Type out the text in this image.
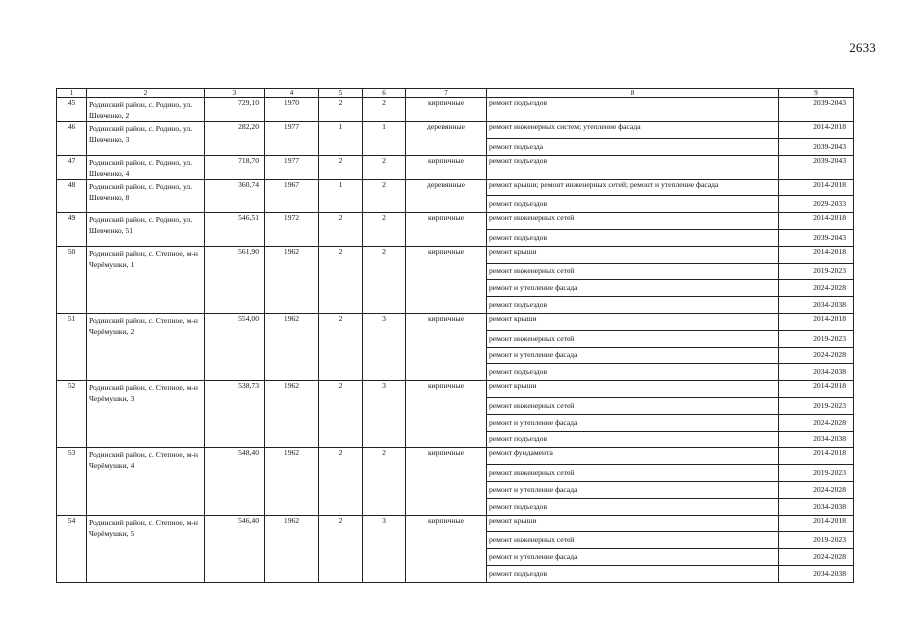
2633
1	2	3	4	5	6	7	8	9
45	Родинский район, с. Родино, ул. Шевченко, 2	729,10	1970	2	2	кирпичные	ремонт подъездов	2039-2043
46	Родинский район, с. Родино, ул. Шевченко, 3	282,20	1977	1	1	деревянные	ремонт инженерных систем; утепление фасада	2014-2018
							ремонт подъезда	2039-2043
47	Родинский район, с. Родино, ул. Шевченко, 4	718,70	1977	2	2	кирпичные	ремонт подъездов	2039-2043
48	Родинский район, с. Родино, ул. Шевченко, 8	360,74	1967	1	2	деревянные	ремонт крыши; ремонт инженерных сетей; ремонт и утепление фасада	2014-2018
							ремонт подъездов	2029-2033
49	Родинский район, с. Родино, ул. Шевченко, 51	546,51	1972	2	2	кирпичные	ремонт инженерных сетей	2014-2018
							ремонт подъездов	2039-2043
50	Родинский район, с. Степное, м-н Черёмушки, 1	561,90	1962	2	2	кирпичные	ремонт крыши	2014-2018
							ремонт инженерных сетей	2019-2023
							ремонт и утепление фасада	2024-2028
							ремонт подъездов	2034-2038
51	Родинский район, с. Степное, м-н Черёмушки, 2	554,00	1962	2	3	кирпичные	ремонт крыши	2014-2018
							ремонт инженерных сетей	2019-2023
							ремонт и утепление фасада	2024-2028
							ремонт подъездов	2034-2038
52	Родинский район, с. Степное, м-н Черёмушки, 3	538,73	1962	2	3	кирпичные	ремонт крыши	2014-2018
							ремонт инженерных сетей	2019-2023
							ремонт и утепление фасада	2024-2028
							ремонт подъездов	2034-2038
53	Родинский район, с. Степное, м-н Черёмушки, 4	548,40	1962	2	2	кирпичные	ремонт фундамента	2014-2018
							ремонт инженерных сетей	2019-2023
							ремонт и утепление фасада	2024-2028
							ремонт подъездов	2034-2038
54	Родинский район, с. Степное, м-н Черёмушки, 5	546,40	1962	2	3	кирпичные	ремонт крыши	2014-2018
							ремонт инженерных сетей	2019-2023
							ремонт и утепление фасада	2024-2028
							ремонт подъездов	2034-2038
